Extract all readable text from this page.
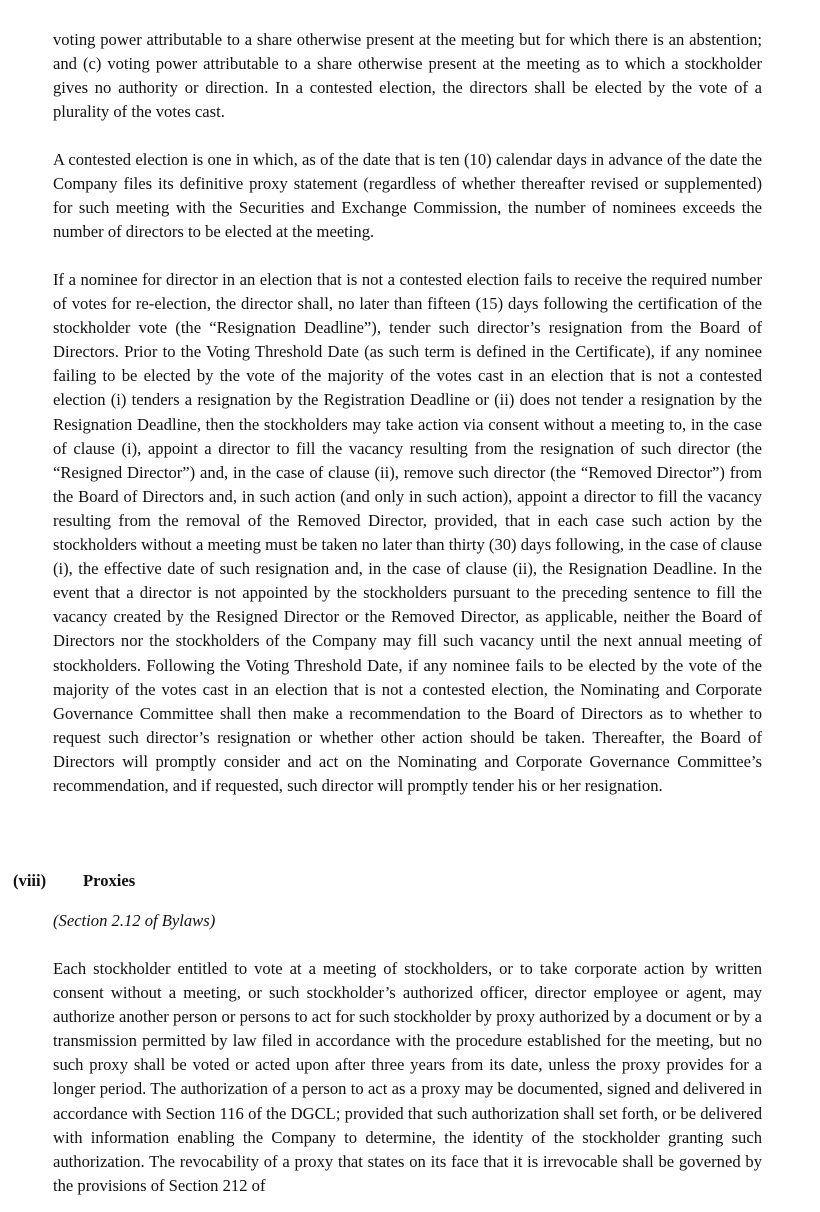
voting power attributable to a share otherwise present at the meeting but for which there is an abstention; and (c) voting power attributable to a share otherwise present at the meeting as to which a stockholder gives no authority or direction. In a contested election, the directors shall be elected by the vote of a plurality of the votes cast.

A contested election is one in which, as of the date that is ten (10) calendar days in advance of the date the Company files its definitive proxy statement (regardless of whether thereafter revised or supplemented) for such meeting with the Securities and Exchange Commission, the number of nominees exceeds the number of directors to be elected at the meeting.

If a nominee for director in an election that is not a contested election fails to receive the required number of votes for re-election, the director shall, no later than fifteen (15) days following the certification of the stockholder vote (the “Resignation Deadline”), tender such director’s resignation from the Board of Directors. Prior to the Voting Threshold Date (as such term is defined in the Certificate), if any nominee failing to be elected by the vote of the majority of the votes cast in an election that is not a contested election (i) tenders a resignation by the Registration Deadline or (ii) does not tender a resignation by the Resignation Deadline, then the stockholders may take action via consent without a meeting to, in the case of clause (i), appoint a director to fill the vacancy resulting from the resignation of such director (the “Resigned Director”) and, in the case of clause (ii), remove such director (the “Removed Director”) from the Board of Directors and, in such action (and only in such action), appoint a director to fill the vacancy resulting from the removal of the Removed Director, provided, that in each case such action by the stockholders without a meeting must be taken no later than thirty (30) days following, in the case of clause (i), the effective date of such resignation and, in the case of clause (ii), the Resignation Deadline. In the event that a director is not appointed by the stockholders pursuant to the preceding sentence to fill the vacancy created by the Resigned Director or the Removed Director, as applicable, neither the Board of Directors nor the stockholders of the Company may fill such vacancy until the next annual meeting of stockholders. Following the Voting Threshold Date, if any nominee fails to be elected by the vote of the majority of the votes cast in an election that is not a contested election, the Nominating and Corporate Governance Committee shall then make a recommendation to the Board of Directors as to whether to request such director’s resignation or whether other action should be taken. Thereafter, the Board of Directors will promptly consider and act on the Nominating and Corporate Governance Committee’s recommendation, and if requested, such director will promptly tender his or her resignation.

(viii) Proxies

(Section 2.12 of Bylaws)

Each stockholder entitled to vote at a meeting of stockholders, or to take corporate action by written consent without a meeting, or such stockholder’s authorized officer, director employee or agent, may authorize another person or persons to act for such stockholder by proxy authorized by a document or by a transmission permitted by law filed in accordance with the procedure established for the meeting, but no such proxy shall be voted or acted upon after three years from its date, unless the proxy provides for a longer period. The authorization of a person to act as a proxy may be documented, signed and delivered in accordance with Section 116 of the DGCL; provided that such authorization shall set forth, or be delivered with information enabling the Company to determine, the identity of the stockholder granting such authorization. The revocability of a proxy that states on its face that it is irrevocable shall be governed by the provisions of Section 212 of
